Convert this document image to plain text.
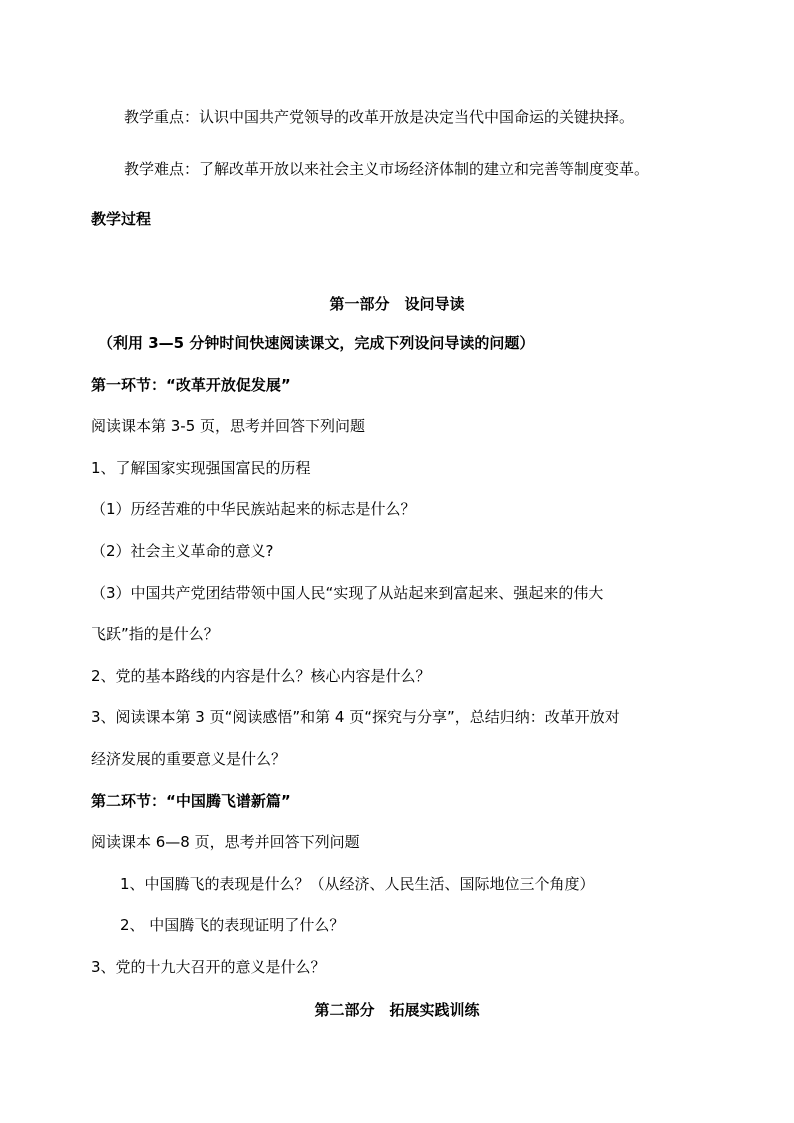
教学重点：认识中国共产党领导的改革开放是决定当代中国命运的关键抉择。
教学难点：了解改革开放以来社会主义市场经济体制的建立和完善等制度变革。
教学过程
第一部分　设问导读
（利用 3—5 分钟时间快速阅读课文，完成下列设问导读的问题）
第一环节：“改革开放促发展”
阅读课本第 3-5 页，思考并回答下列问题
1、了解国家实现强国富民的历程
（1）历经苦难的中华民族站起来的标志是什么？
（2）社会主义革命的意义?
（3）中国共产党团结带领中国人民“实现了从站起来到富起来、强起来的伟大
飞跃”指的是什么？
2、党的基本路线的内容是什么？核心内容是什么？
3、阅读课本第 3 页“阅读感悟”和第 4 页“探究与分享”，总结归纳：改革开放对
经济发展的重要意义是什么？
第二环节：“中国腾飞谱新篇”
阅读课本 6—8 页，思考并回答下列问题
1、中国腾飞的表现是什么？（从经济、人民生活、国际地位三个角度）
2、 中国腾飞的表现证明了什么？
3、党的十九大召开的意义是什么？
第二部分　拓展实践训练
